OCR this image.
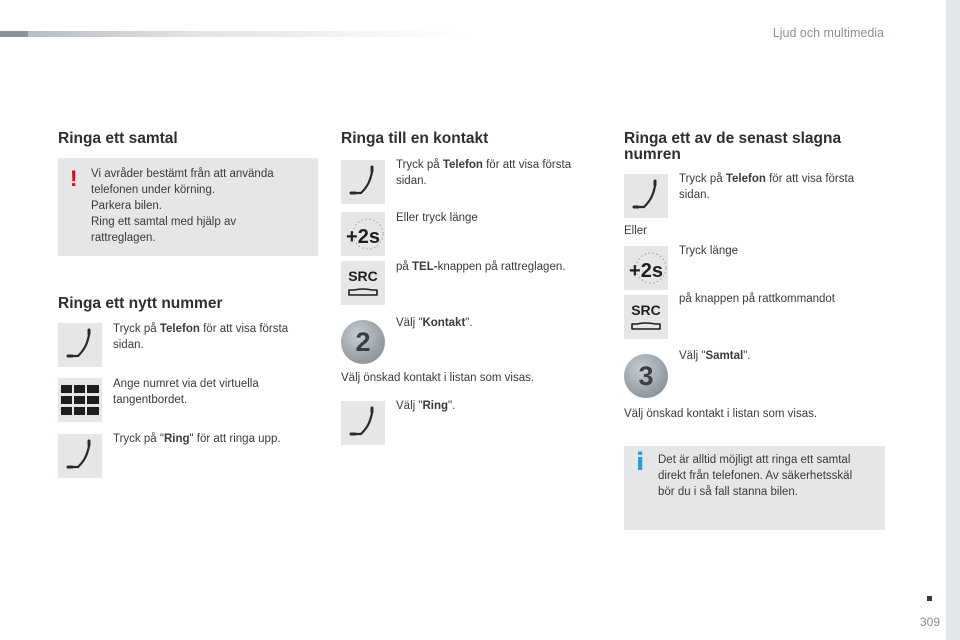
Ljud och multimedia
Ringa ett samtal
! Vi avråder bestämt från att använda
telefonen under körning.
Parkera bilen.
Ring ett samtal med hjälp av
rattreglagen.
Ringa ett nytt nummer
Tryck på Telefon för att visa första
sidan.
Ange numret via det virtuella
tangentbordet.
Tryck på "Ring" för att ringa upp.
Ringa till en kontakt
Tryck på Telefon för att visa första
sidan.
+2s
Eller tryck länge
SRC
på TEL-knappen på rattreglagen.
2
Välj "Kontakt".
Välj önskad kontakt i listan som visas.
Välj "Ring".
Ringa ett av de senast slagna
numren
Tryck på Telefon för att visa första
sidan.
Eller
+2s
Tryck länge
SRC
på knappen på rattkommandot
3
Välj "Samtal".
Välj önskad kontakt i listan som visas.
i Det är alltid möjligt att ringa ett samtal
direkt från telefonen. Av säkerhetsskäl
bör du i så fall stanna bilen.
309
